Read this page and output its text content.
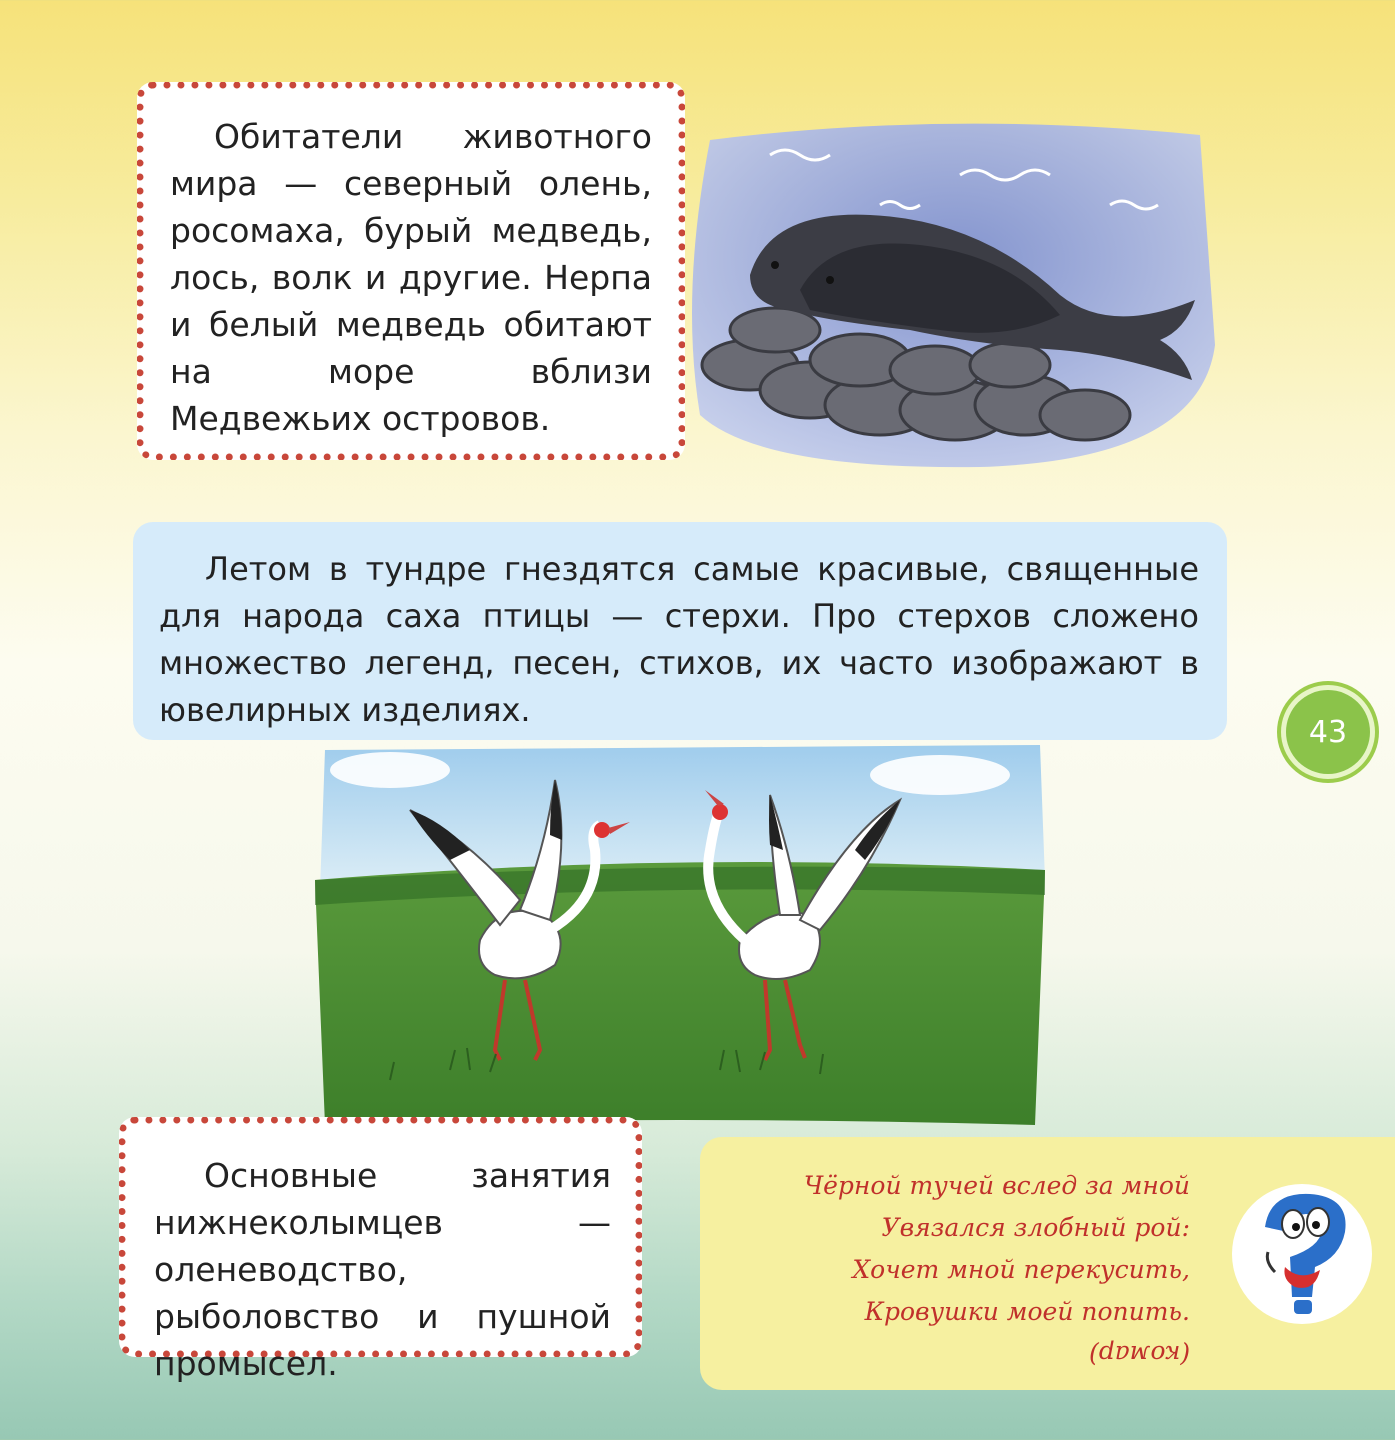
Обитатели животного мира — северный олень, росомаха, бурый медведь, лось, волк и другие. Нерпа и белый медведь обитают на море вблизи Медвежьих островов.

Летом в тундре гнездятся самые красивые, священные для народа саха птицы — стерхи. Про стерхов сложено множество легенд, песен, стихов, их часто изображают в ювелирных изделиях.

43

Основные занятия нижнеколымцев — оленеводство, рыболовство и пушной промысел.

Чёрной тучей вслед за мной
Увязался злобный рой:
Хочет мной перекусить,
Кровушки моей попить.
(комар)
